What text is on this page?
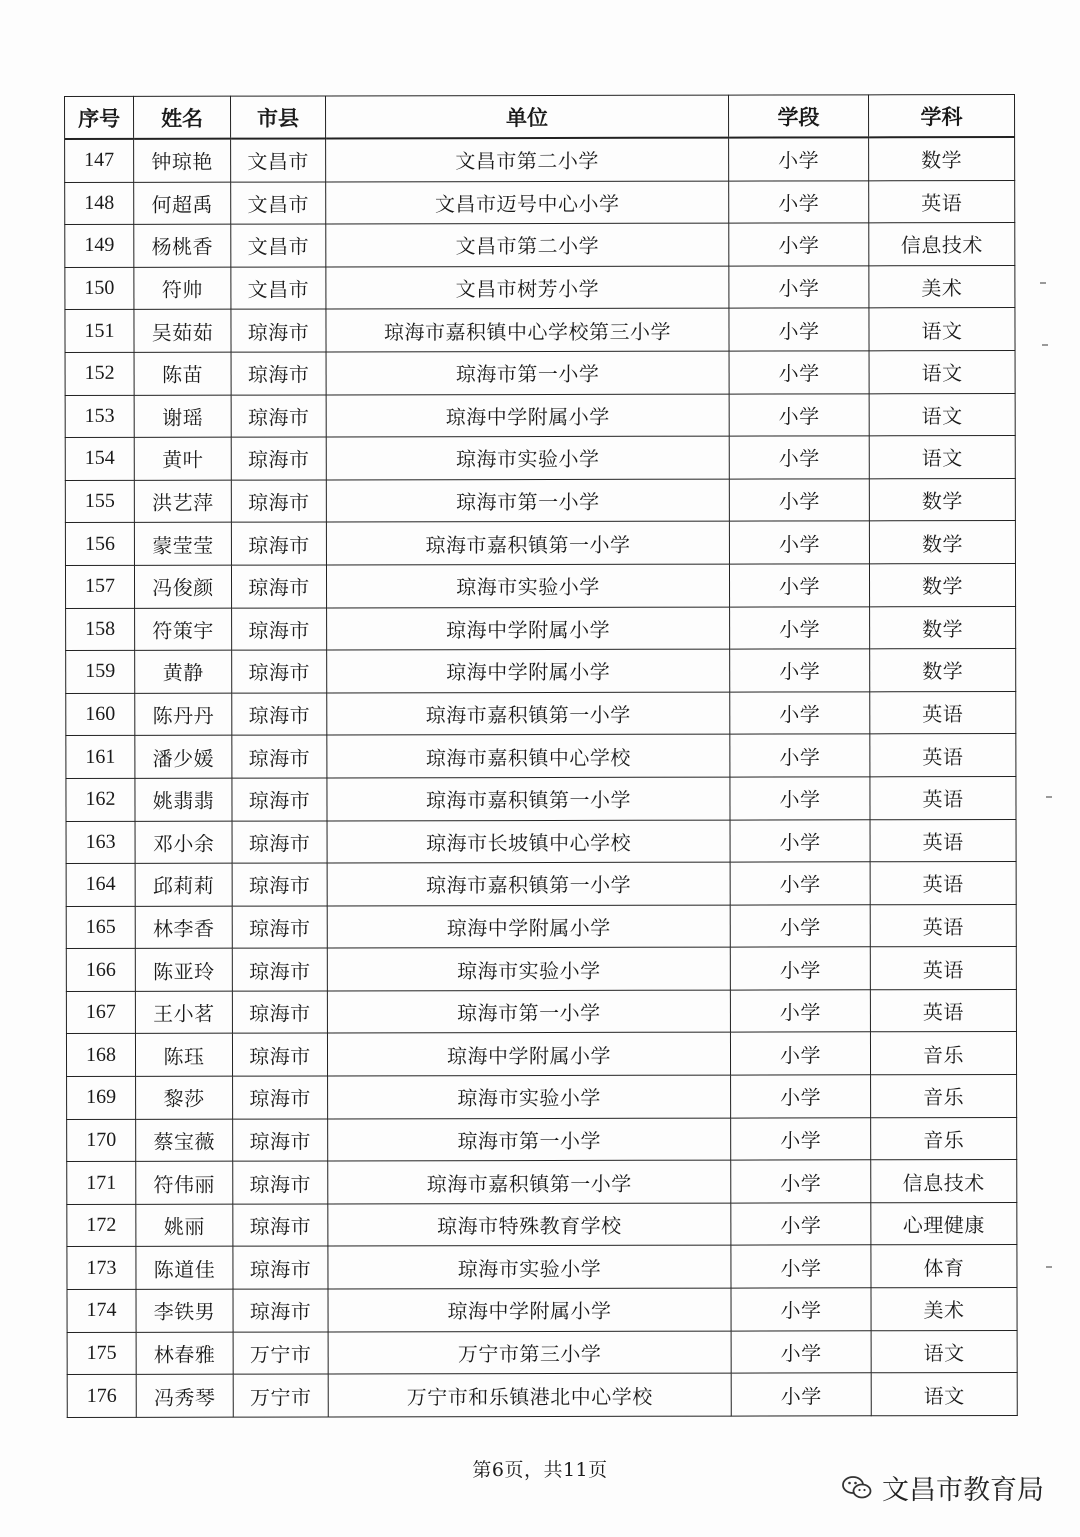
序号	姓名	市县	单位	学段	学科
147	钟琼艳	文昌市	文昌市第二小学	小学	数学
148	何超禹	文昌市	文昌市迈号中心小学	小学	英语
149	杨桃香	文昌市	文昌市第二小学	小学	信息技术
150	符帅	文昌市	文昌市树芳小学	小学	美术
151	吴茹茹	琼海市	琼海市嘉积镇中心学校第三小学	小学	语文
152	陈苗	琼海市	琼海市第一小学	小学	语文
153	谢瑶	琼海市	琼海中学附属小学	小学	语文
154	黄叶	琼海市	琼海市实验小学	小学	语文
155	洪艺萍	琼海市	琼海市第一小学	小学	数学
156	蒙莹莹	琼海市	琼海市嘉积镇第一小学	小学	数学
157	冯俊颜	琼海市	琼海市实验小学	小学	数学
158	符策宇	琼海市	琼海中学附属小学	小学	数学
159	黄静	琼海市	琼海中学附属小学	小学	数学
160	陈丹丹	琼海市	琼海市嘉积镇第一小学	小学	英语
161	潘少媛	琼海市	琼海市嘉积镇中心学校	小学	英语
162	姚翡翡	琼海市	琼海市嘉积镇第一小学	小学	英语
163	邓小余	琼海市	琼海市长坡镇中心学校	小学	英语
164	邱莉莉	琼海市	琼海市嘉积镇第一小学	小学	英语
165	林李香	琼海市	琼海中学附属小学	小学	英语
166	陈亚玲	琼海市	琼海市实验小学	小学	英语
167	王小茗	琼海市	琼海市第一小学	小学	英语
168	陈珏	琼海市	琼海中学附属小学	小学	音乐
169	黎莎	琼海市	琼海市实验小学	小学	音乐
170	蔡宝薇	琼海市	琼海市第一小学	小学	音乐
171	符伟丽	琼海市	琼海市嘉积镇第一小学	小学	信息技术
172	姚丽	琼海市	琼海市特殊教育学校	小学	心理健康
173	陈道佳	琼海市	琼海市实验小学	小学	体育
174	李铁男	琼海市	琼海中学附属小学	小学	美术
175	林春雅	万宁市	万宁市第三小学	小学	语文
176	冯秀琴	万宁市	万宁市和乐镇港北中心学校	小学	语文
第6页，共11页
文昌市教育局
